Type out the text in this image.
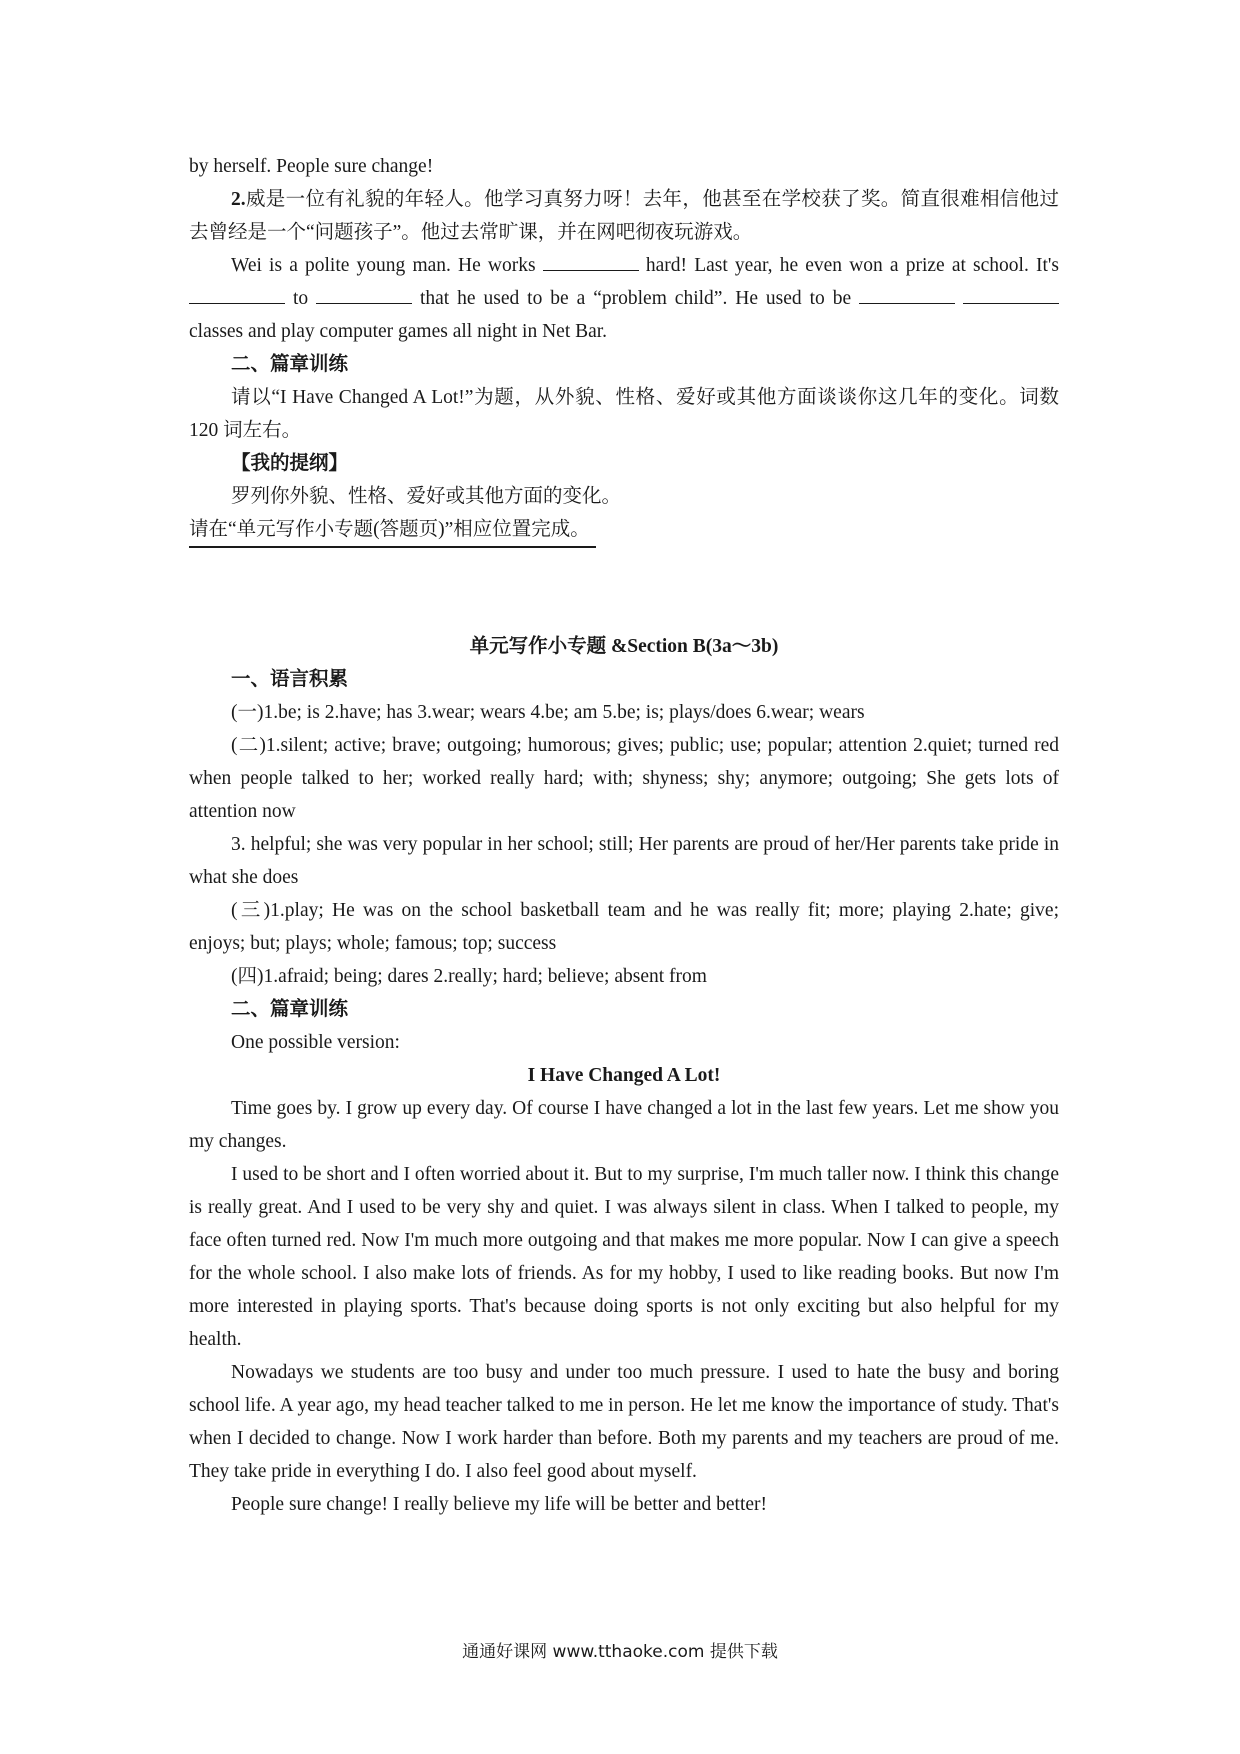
by herself. People sure change!

2.威是一位有礼貌的年轻人。他学习真努力呀！去年，他甚至在学校获了奖。简直很难相信他过去曾经是一个“问题孩子”。他过去常旷课，并在网吧彻夜玩游戏。

Wei is a polite young man. He works	hard! Last year, he even won a prize at school. It's  to	that he used to be a “problem child”. He used to be   classes and play computer games all night in Net Bar.

二、篇章训练

请以“I Have Changed A Lot!”为题，从外貌、性格、爱好或其他方面谈谈你这几年的变化。词数 120 词左右。

【我的提纲】

罗列你外貌、性格、爱好或其他方面的变化。

请在“单元写作小专题(答题页)”相应位置完成。

单元写作小专题 &Section B(3a～3b)

一、语言积累

(一)1.be; is 2.have; has 3.wear; wears 4.be; am 5.be; is; plays/does 6.wear; wears

(二)1.silent; active; brave; outgoing; humorous; gives; public; use; popular; attention 2.quiet; turned red when people talked to her; worked really hard; with; shyness; shy; anymore; outgoing; She gets lots of attention now

3. helpful; she was very popular in her school; still; Her parents are proud of her/Her parents take pride in what she does

(三)1.play; He was on the school basketball team and he was really fit; more; playing 2.hate; give; enjoys; but; plays; whole; famous; top; success

(四)1.afraid; being; dares 2.really; hard; believe; absent from

二、篇章训练

One possible version:

I Have Changed A Lot!

Time goes by. I grow up every day. Of course I have changed a lot in the last few years. Let me show you my changes.

I used to be short and I often worried about it. But to my surprise, I'm much taller now. I think this change is really great. And I used to be very shy and quiet. I was always silent in class. When I talked to people, my face often turned red. Now I'm much more outgoing and that makes me more popular. Now I can give a speech for the whole school. I also make lots of friends. As for my hobby, I used to like reading books. But now I'm more interested in playing sports. That's because doing sports is not only exciting but also helpful for my health.

Nowadays we students are too busy and under too much pressure. I used to hate the busy and boring school life. A year ago, my head teacher talked to me in person. He let me know the importance of study. That's when I decided to change. Now I work harder than before. Both my parents and my teachers are proud of me. They take pride in everything I do. I also feel good about myself.

People sure change! I really believe my life will be better and better!

通通好课网 www.tthaoke.com 提供下载
